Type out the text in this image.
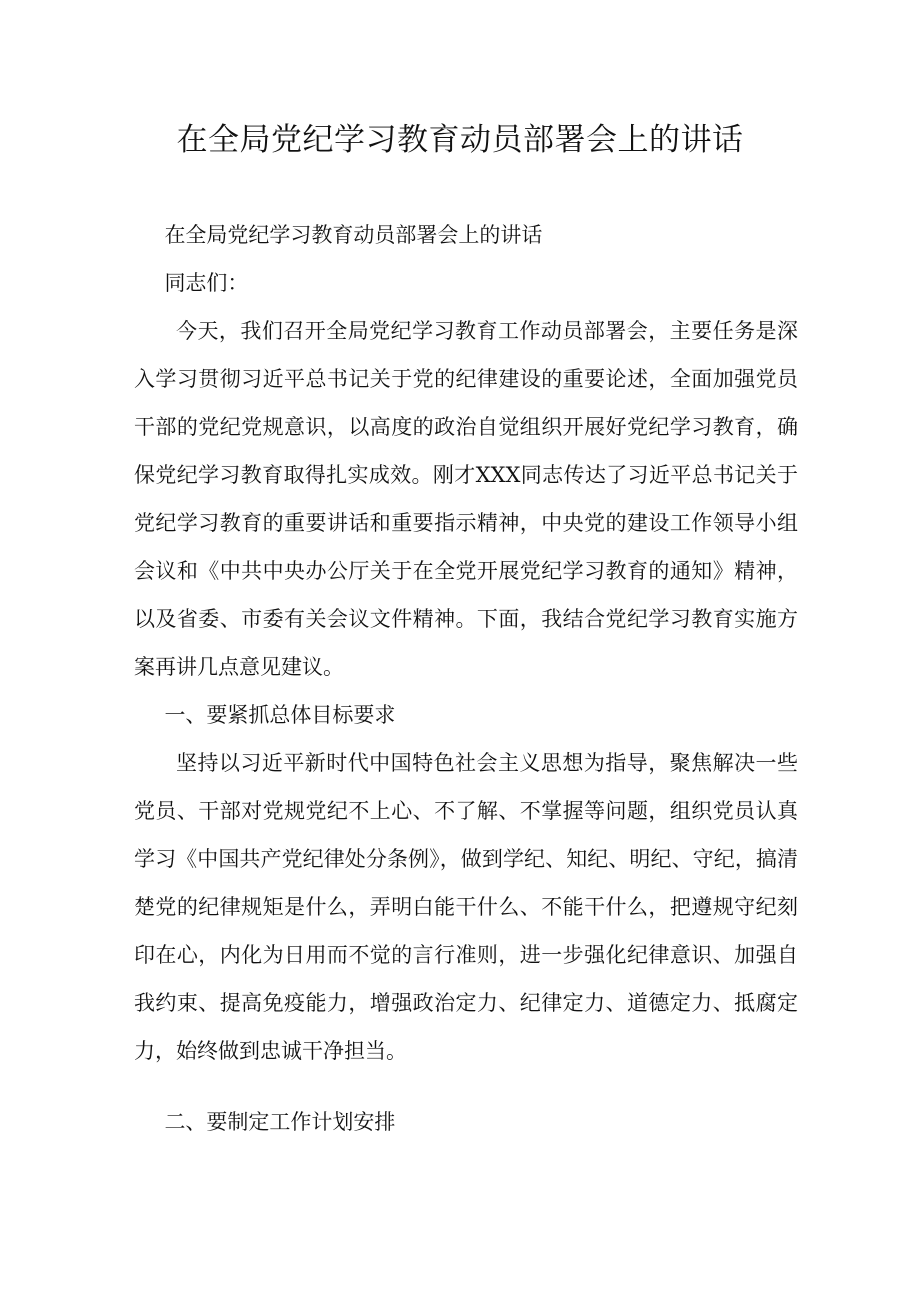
在全局党纪学习教育动员部署会上的讲话

在全局党纪学习教育动员部署会上的讲话

同志们：

今天，我们召开全局党纪学习教育工作动员部署会，主要任务是深入学习贯彻习近平总书记关于党的纪律建设的重要论述，全面加强党员干部的党纪党规意识，以高度的政治自觉组织开展好党纪学习教育，确保党纪学习教育取得扎实成效。刚才XXX同志传达了习近平总书记关于党纪学习教育的重要讲话和重要指示精神，中央党的建设工作领导小组会议和《中共中央办公厅关于在全党开展党纪学习教育的通知》精神，以及省委、市委有关会议文件精神。下面，我结合党纪学习教育实施方案再讲几点意见建议。

一、要紧抓总体目标要求

坚持以习近平新时代中国特色社会主义思想为指导，聚焦解决一些党员、干部对党规党纪不上心、不了解、不掌握等问题，组织党员认真学习《中国共产党纪律处分条例》，做到学纪、知纪、明纪、守纪，搞清楚党的纪律规矩是什么，弄明白能干什么、不能干什么，把遵规守纪刻印在心，内化为日用而不觉的言行准则，进一步强化纪律意识、加强自我约束、提高免疫能力，增强政治定力、纪律定力、道德定力、抵腐定力，始终做到忠诚干净担当。

二、要制定工作计划安排
